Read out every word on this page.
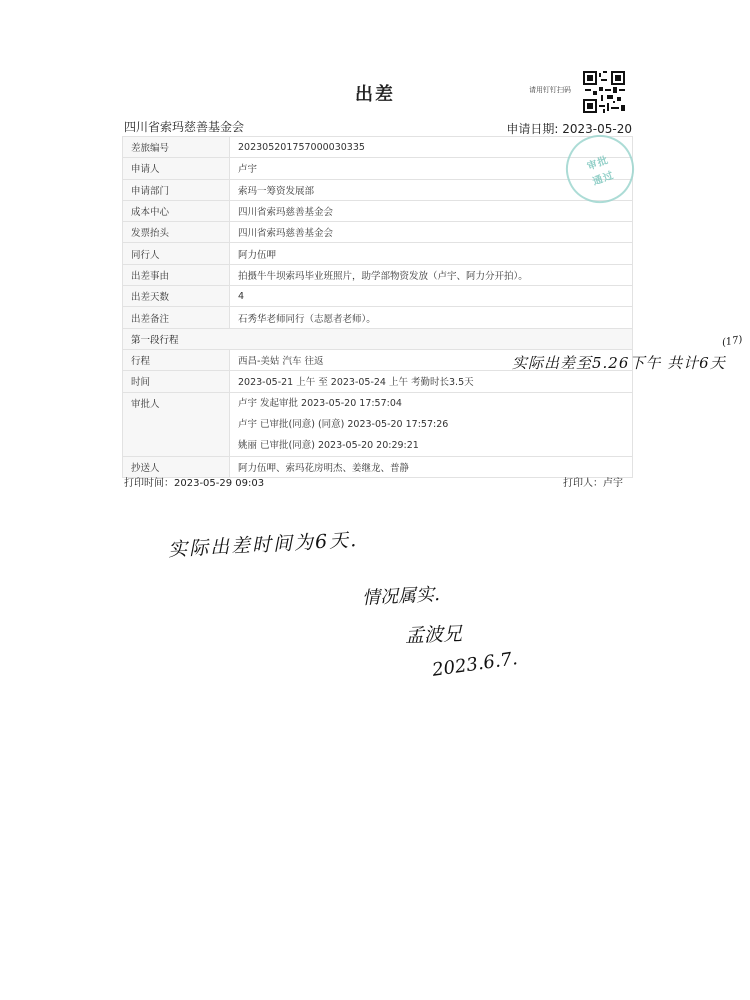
出差	请用钉钉扫码
四川省索玛慈善基金会	申请日期: 2023-05-20
差旅编号	202305201757000030335
申请人	卢宇
申请部门	索玛一筹资发展部
成本中心	四川省索玛慈善基金会
发票抬头	四川省索玛慈善基金会
同行人	阿力伍呷
出差事由	拍摄牛牛坝索玛毕业班照片，助学部物资发放（卢宇、阿力分开拍）。
出差天数	4
出差备注	石秀华老师同行（志愿者老师）。
第一段行程	
行程	西昌-美姑 汽车 往返
时间	2023-05-21 上午 至 2023-05-24 上午 考勤时长3.5天
审批人	卢宇 发起审批 2023-05-20 17:57:04
卢宇 已审批(同意) (同意) 2023-05-20 17:57:26
姚丽 已审批(同意) 2023-05-20 20:29:21

抄送人	阿力伍呷、索玛花房明杰、姜继龙、普静
审批
通过
打印时间：2023-05-29 09:03	打印人：卢宇
实际出差至5.26下午 共计6天
(17)
实际出差时间为6天.
情况属实.
孟波兄
2023.6.7.
